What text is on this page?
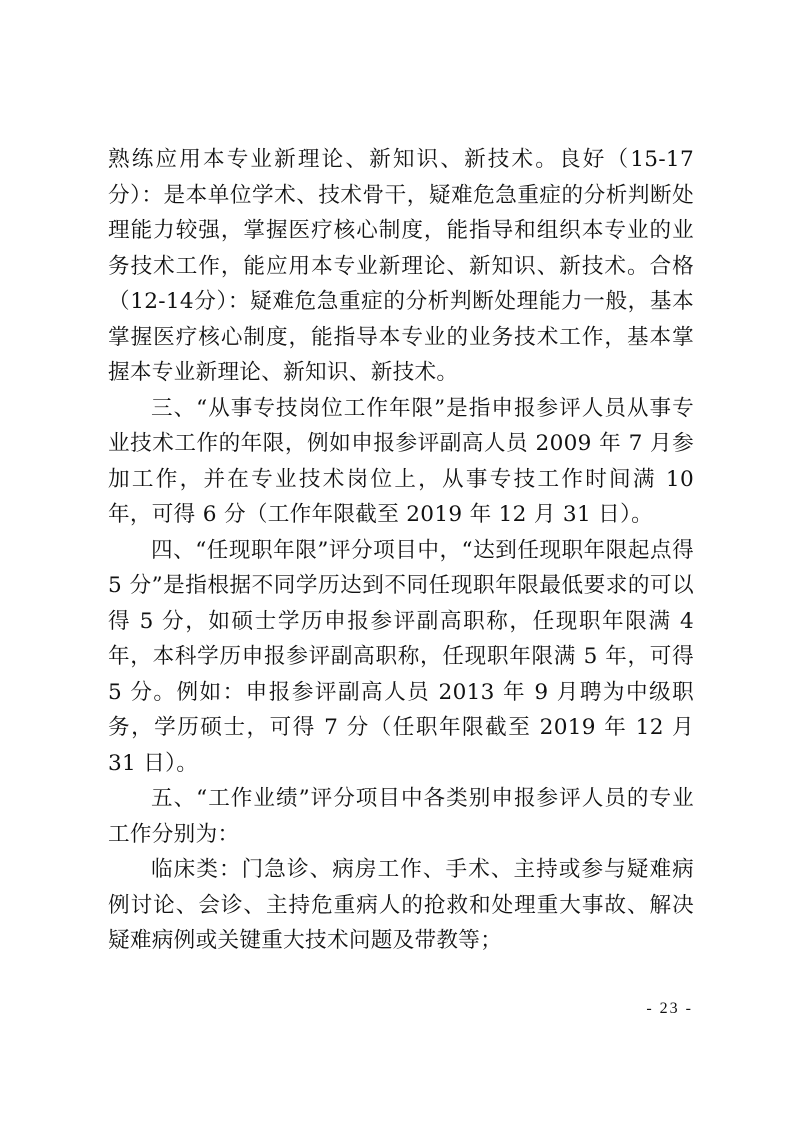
熟练应用本专业新理论、新知识、新技术。良好（15-17分）：是本单位学术、技术骨干，疑难危急重症的分析判断处理能力较强，掌握医疗核心制度，能指导和组织本专业的业务技术工作，能应用本专业新理论、新知识、新技术。合格（12-14分）：疑难危急重症的分析判断处理能力一般，基本掌握医疗核心制度，能指导本专业的业务技术工作，基本掌握本专业新理论、新知识、新技术。

三、“从事专技岗位工作年限”是指申报参评人员从事专业技术工作的年限，例如申报参评副高人员 2009 年 7 月参加工作，并在专业技术岗位上，从事专技工作时间满 10 年，可得 6 分（工作年限截至 2019 年 12 月 31 日）。

四、“任现职年限”评分项目中，“达到任现职年限起点得 5 分”是指根据不同学历达到不同任现职年限最低要求的可以得 5 分，如硕士学历申报参评副高职称，任现职年限满 4 年，本科学历申报参评副高职称，任现职年限满 5 年，可得 5 分。例如：申报参评副高人员 2013 年 9 月聘为中级职务，学历硕士，可得 7 分（任职年限截至 2019 年 12 月 31 日）。

五、“工作业绩”评分项目中各类别申报参评人员的专业工作分别为：

临床类：门急诊、病房工作、手术、主持或参与疑难病例讨论、会诊、主持危重病人的抢救和处理重大事故、解决疑难病例或关键重大技术问题及带教等；

- 23 -
